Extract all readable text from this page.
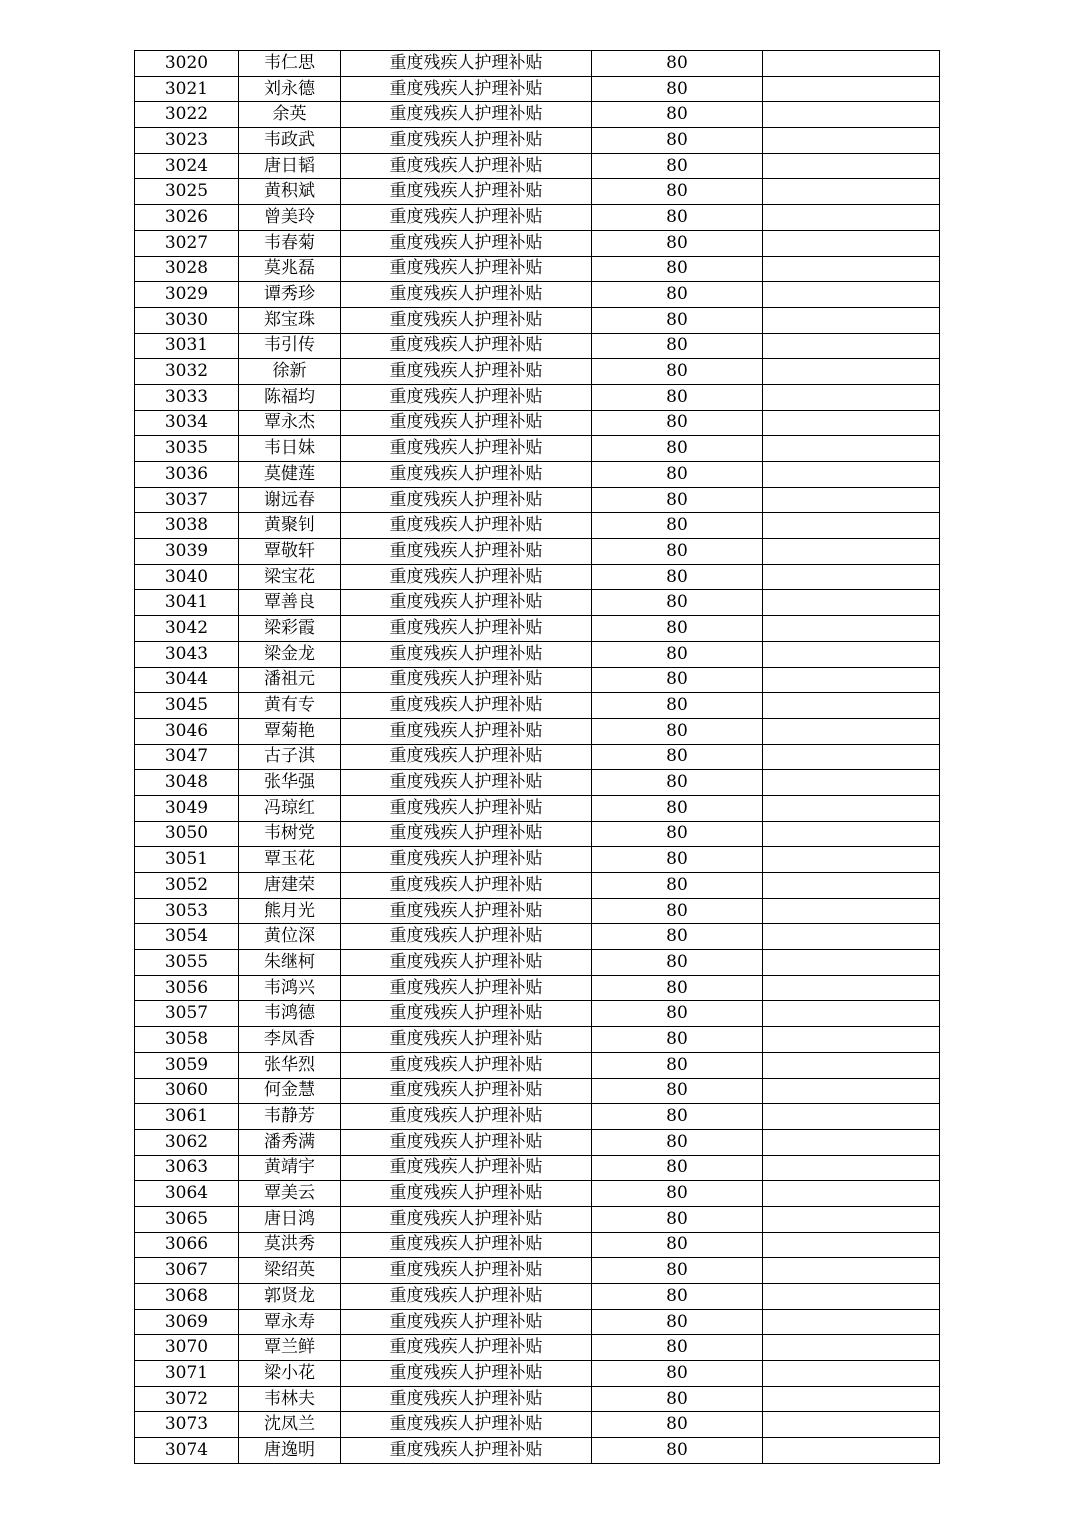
3020	韦仁思	重度残疾人护理补贴	80	
3021	刘永德	重度残疾人护理补贴	80	
3022	余英	重度残疾人护理补贴	80	
3023	韦政武	重度残疾人护理补贴	80	
3024	唐日韬	重度残疾人护理补贴	80	
3025	黄积斌	重度残疾人护理补贴	80	
3026	曾美玲	重度残疾人护理补贴	80	
3027	韦春菊	重度残疾人护理补贴	80	
3028	莫兆磊	重度残疾人护理补贴	80	
3029	谭秀珍	重度残疾人护理补贴	80	
3030	郑宝珠	重度残疾人护理补贴	80	
3031	韦引传	重度残疾人护理补贴	80	
3032	徐新	重度残疾人护理补贴	80	
3033	陈福均	重度残疾人护理补贴	80	
3034	覃永杰	重度残疾人护理补贴	80	
3035	韦日妹	重度残疾人护理补贴	80	
3036	莫健莲	重度残疾人护理补贴	80	
3037	谢远春	重度残疾人护理补贴	80	
3038	黄聚钊	重度残疾人护理补贴	80	
3039	覃敬轩	重度残疾人护理补贴	80	
3040	梁宝花	重度残疾人护理补贴	80	
3041	覃善良	重度残疾人护理补贴	80	
3042	梁彩霞	重度残疾人护理补贴	80	
3043	梁金龙	重度残疾人护理补贴	80	
3044	潘祖元	重度残疾人护理补贴	80	
3045	黄有专	重度残疾人护理补贴	80	
3046	覃菊艳	重度残疾人护理补贴	80	
3047	古子淇	重度残疾人护理补贴	80	
3048	张华强	重度残疾人护理补贴	80	
3049	冯琼红	重度残疾人护理补贴	80	
3050	韦树党	重度残疾人护理补贴	80	
3051	覃玉花	重度残疾人护理补贴	80	
3052	唐建荣	重度残疾人护理补贴	80	
3053	熊月光	重度残疾人护理补贴	80	
3054	黄位深	重度残疾人护理补贴	80	
3055	朱继柯	重度残疾人护理补贴	80	
3056	韦鸿兴	重度残疾人护理补贴	80	
3057	韦鸿德	重度残疾人护理补贴	80	
3058	李凤香	重度残疾人护理补贴	80	
3059	张华烈	重度残疾人护理补贴	80	
3060	何金慧	重度残疾人护理补贴	80	
3061	韦静芳	重度残疾人护理补贴	80	
3062	潘秀满	重度残疾人护理补贴	80	
3063	黄靖宇	重度残疾人护理补贴	80	
3064	覃美云	重度残疾人护理补贴	80	
3065	唐日鸿	重度残疾人护理补贴	80	
3066	莫洪秀	重度残疾人护理补贴	80	
3067	梁绍英	重度残疾人护理补贴	80	
3068	郭贤龙	重度残疾人护理补贴	80	
3069	覃永寿	重度残疾人护理补贴	80	
3070	覃兰鲜	重度残疾人护理补贴	80	
3071	梁小花	重度残疾人护理补贴	80	
3072	韦林夫	重度残疾人护理补贴	80	
3073	沈凤兰	重度残疾人护理补贴	80	
3074	唐逸明	重度残疾人护理补贴	80	
